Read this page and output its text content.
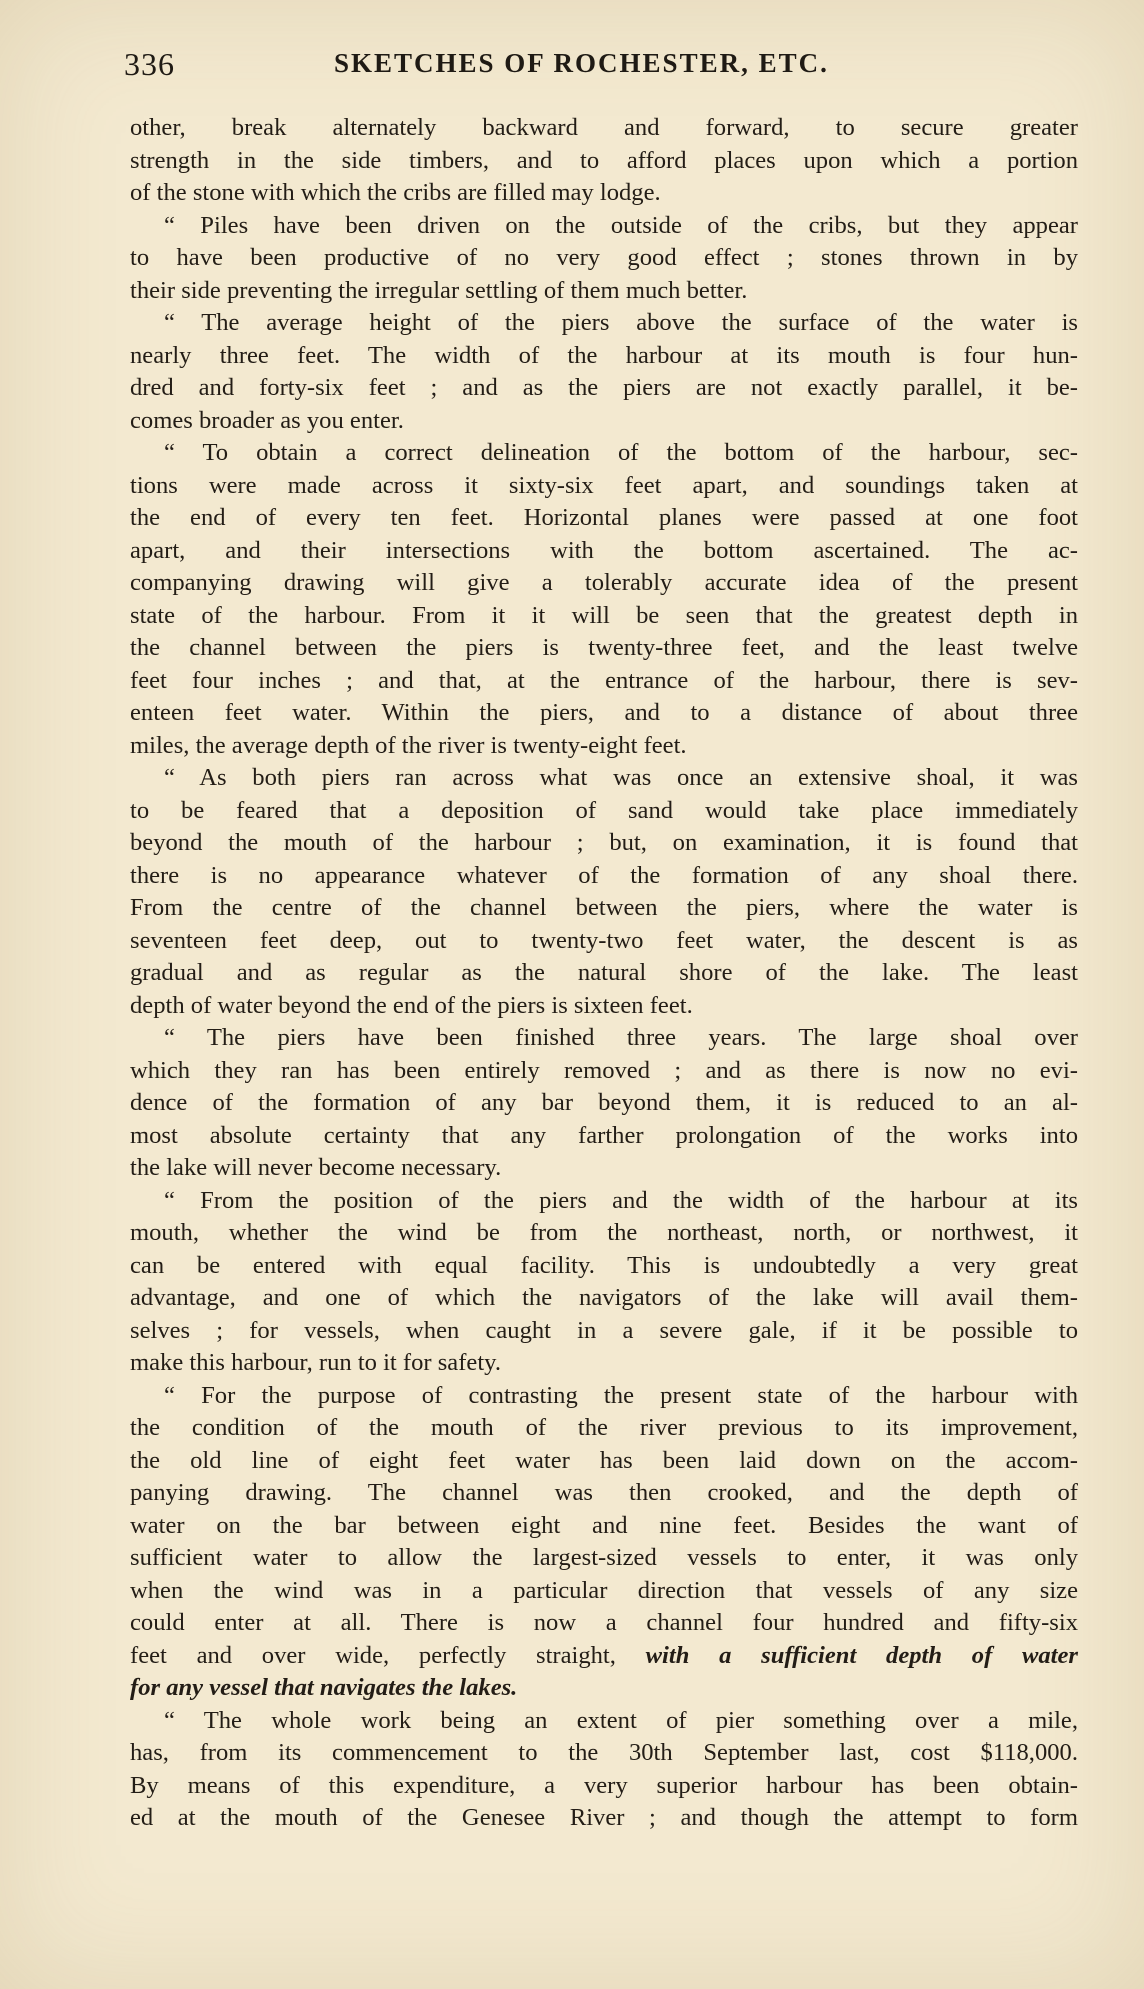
336	SKETCHES OF ROCHESTER, ETC.
other, break alternately backward and forward, to secure greater
strength in the side timbers, and to afford places upon which a portion
of the stone with which the cribs are filled may lodge.
“ Piles have been driven on the outside of the cribs, but they appear
to have been productive of no very good effect ; stones thrown in by
their side preventing the irregular settling of them much better.
“ The average height of the piers above the surface of the water is
nearly three feet. The width of the harbour at its mouth is four hun-
dred and forty-six feet ; and as the piers are not exactly parallel, it be-
comes broader as you enter.
“ To obtain a correct delineation of the bottom of the harbour, sec-
tions were made across it sixty-six feet apart, and soundings taken at
the end of every ten feet. Horizontal planes were passed at one foot
apart, and their intersections with the bottom ascertained. The ac-
companying drawing will give a tolerably accurate idea of the present
state of the harbour. From it it will be seen that the greatest depth in
the channel between the piers is twenty-three feet, and the least twelve
feet four inches ; and that, at the entrance of the harbour, there is sev-
enteen feet water. Within the piers, and to a distance of about three
miles, the average depth of the river is twenty-eight feet.
“ As both piers ran across what was once an extensive shoal, it was
to be feared that a deposition of sand would take place immediately
beyond the mouth of the harbour ; but, on examination, it is found that
there is no appearance whatever of the formation of any shoal there.
From the centre of the channel between the piers, where the water is
seventeen feet deep, out to twenty-two feet water, the descent is as
gradual and as regular as the natural shore of the lake. The least
depth of water beyond the end of the piers is sixteen feet.
“ The piers have been finished three years. The large shoal over
which they ran has been entirely removed ; and as there is now no evi-
dence of the formation of any bar beyond them, it is reduced to an al-
most absolute certainty that any farther prolongation of the works into
the lake will never become necessary.
“ From the position of the piers and the width of the harbour at its
mouth, whether the wind be from the northeast, north, or northwest, it
can be entered with equal facility. This is undoubtedly a very great
advantage, and one of which the navigators of the lake will avail them-
selves ; for vessels, when caught in a severe gale, if it be possible to
make this harbour, run to it for safety.
“ For the purpose of contrasting the present state of the harbour with
the condition of the mouth of the river previous to its improvement,
the old line of eight feet water has been laid down on the accom-
panying drawing. The channel was then crooked, and the depth of
water on the bar between eight and nine feet. Besides the want of
sufficient water to allow the largest-sized vessels to enter, it was only
when the wind was in a particular direction that vessels of any size
could enter at all. There is now a channel four hundred and fifty-six
feet and over wide, perfectly straight, with a sufficient depth of water
for any vessel that navigates the lakes.
“ The whole work being an extent of pier something over a mile,
has, from its commencement to the 30th September last, cost $118,000.
By means of this expenditure, a very superior harbour has been obtain-
ed at the mouth of the Genesee River ; and though the attempt to form
